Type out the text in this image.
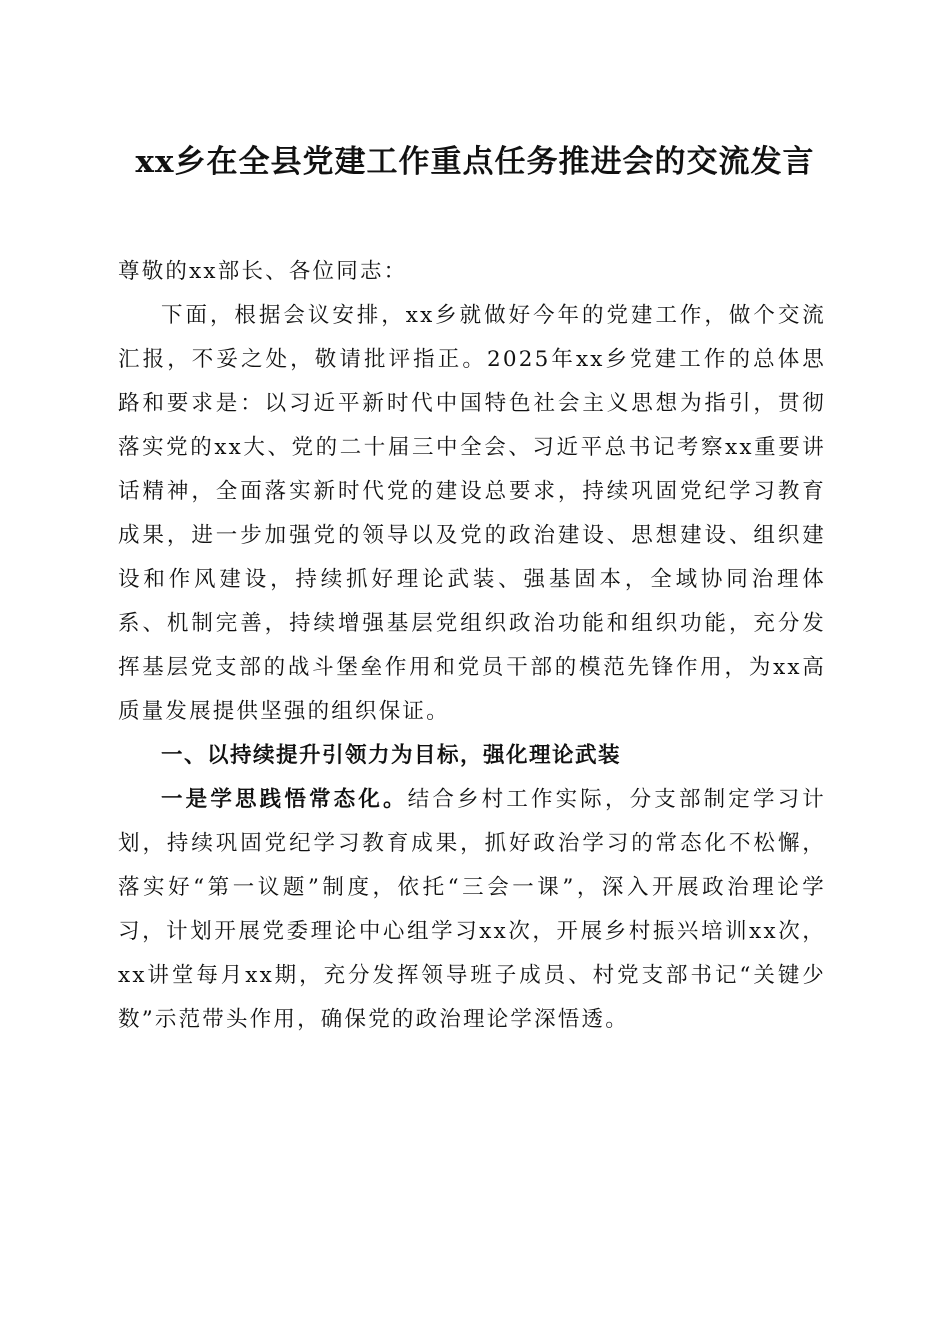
xx乡在全县党建工作重点任务推进会的交流发言

尊敬的xx部长、各位同志：

下面，根据会议安排，xx乡就做好今年的党建工作，做个交流汇报，不妥之处，敬请批评指正。2025年xx乡党建工作的总体思路和要求是：以习近平新时代中国特色社会主义思想为指引，贯彻落实党的xx大、党的二十届三中全会、习近平总书记考察xx重要讲话精神，全面落实新时代党的建设总要求，持续巩固党纪学习教育成果，进一步加强党的领导以及党的政治建设、思想建设、组织建设和作风建设，持续抓好理论武装、强基固本，全域协同治理体系、机制完善，持续增强基层党组织政治功能和组织功能，充分发挥基层党支部的战斗堡垒作用和党员干部的模范先锋作用，为xx高质量发展提供坚强的组织保证。

一、以持续提升引领力为目标，强化理论武装

一是学思践悟常态化。结合乡村工作实际，分支部制定学习计划，持续巩固党纪学习教育成果，抓好政治学习的常态化不松懈，落实好“第一议题”制度，依托“三会一课”，深入开展政治理论学习，计划开展党委理论中心组学习xx次，开展乡村振兴培训xx次，xx讲堂每月xx期，充分发挥领导班子成员、村党支部书记“关键少数”示范带头作用，确保党的政治理论学深悟透。
